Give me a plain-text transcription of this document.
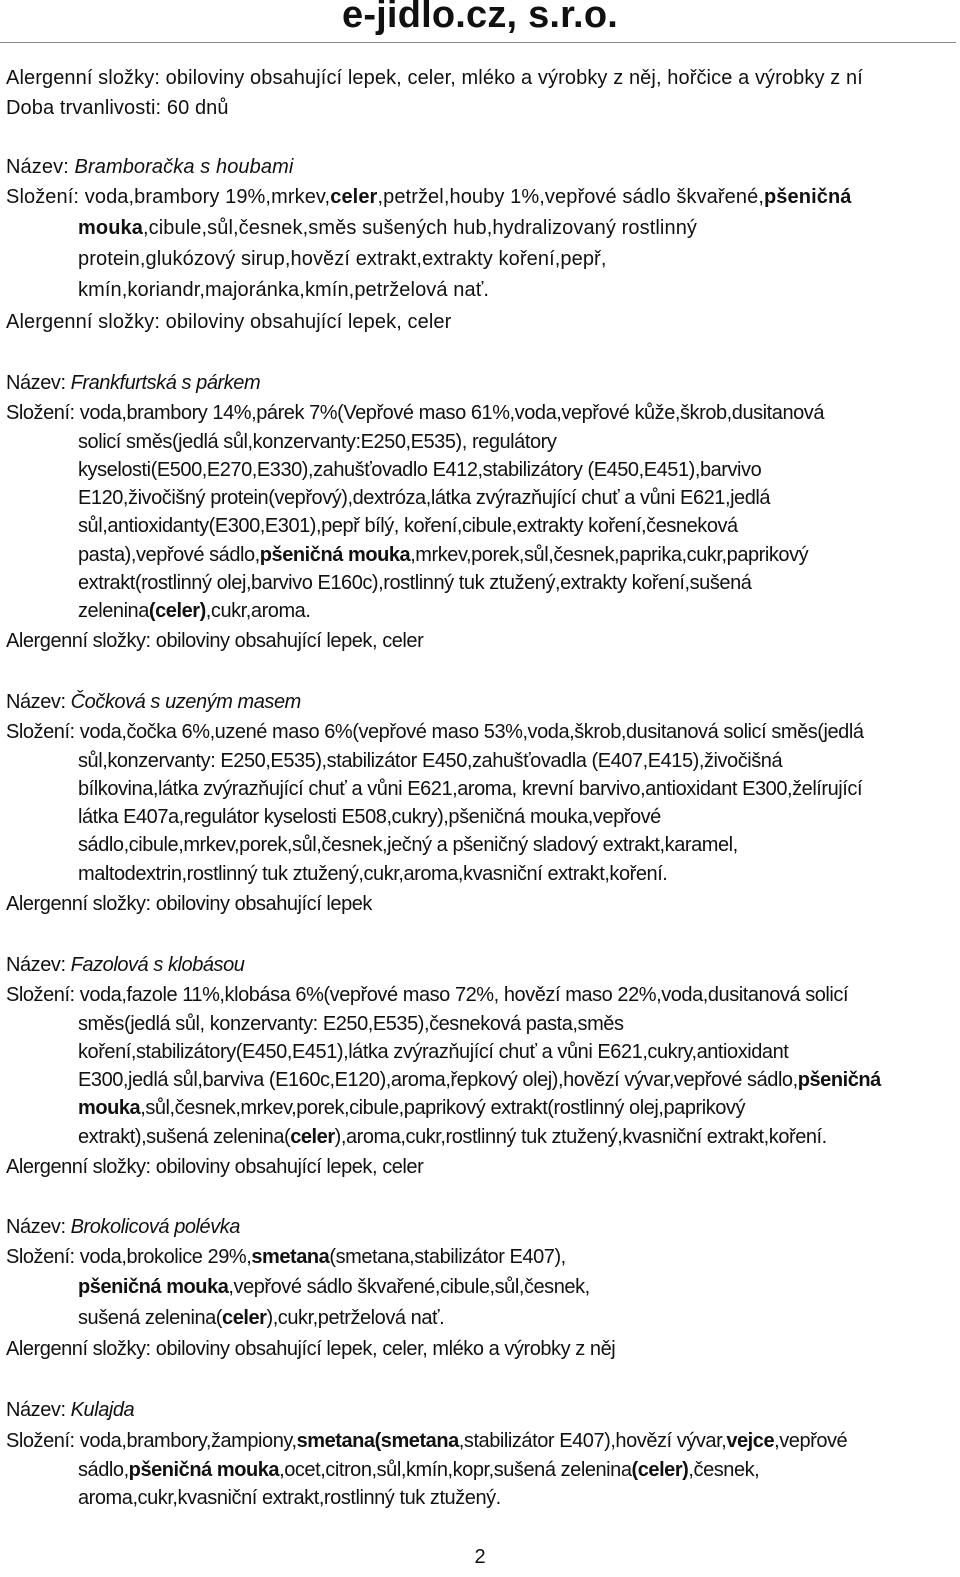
e-jidlo.cz, s.r.o.
Alergenní složky: obiloviny obsahující lepek, celer, mléko a výrobky z něj, hořčice a výrobky z ní
Doba trvanlivosti: 60 dnů
Název: Bramboračka s houbami
Složení: voda,brambory 19%,mrkev,celer,petržel,houby 1%,vepřové sádlo škvařené,pšeničná
mouka,cibule,sůl,česnek,směs sušených hub,hydralizovaný rostlinný
protein,glukózový sirup,hovězí extrakt,extrakty koření,pepř,
kmín,koriandr,majoránka,kmín,petrželová nať.
Alergenní složky: obiloviny obsahující lepek, celer
Název: Frankfurtská s párkem
Složení: voda,brambory 14%,párek 7%(Vepřové maso 61%,voda,vepřové kůže,škrob,dusitanová
solicí směs(jedlá sůl,konzervanty:E250,E535), regulátory
kyselosti(E500,E270,E330),zahušťovadlo E412,stabilizátory (E450,E451),barvivo
E120,živočišný protein(vepřový),dextróza,látka zvýrazňující chuť a vůni E621,jedlá
sůl,antioxidanty(E300,E301),pepř bílý, koření,cibule,extrakty koření,česneková
pasta),vepřové sádlo,pšeničná mouka,mrkev,porek,sůl,česnek,paprika,cukr,paprikový
extrakt(rostlinný olej,barvivo E160c),rostlinný tuk ztužený,extrakty koření,sušená
zelenina(celer),cukr,aroma.
Alergenní složky: obiloviny obsahující lepek, celer
Název: Čočková s uzeným masem
Složení: voda,čočka 6%,uzené maso 6%(vepřové maso 53%,voda,škrob,dusitanová solicí směs(jedlá
sůl,konzervanty: E250,E535),stabilizátor E450,zahušťovadla (E407,E415),živočišná
bílkovina,látka zvýrazňující chuť a vůni E621,aroma, krevní barvivo,antioxidant E300,želírující
látka E407a,regulátor kyselosti E508,cukry),pšeničná mouka,vepřové
sádlo,cibule,mrkev,porek,sůl,česnek,ječný a pšeničný sladový extrakt,karamel,
maltodextrin,rostlinný tuk ztužený,cukr,aroma,kvasniční extrakt,koření.
Alergenní složky: obiloviny obsahující lepek
Název: Fazolová s klobásou
Složení: voda,fazole 11%,klobása 6%(vepřové maso 72%, hovězí maso 22%,voda,dusitanová solicí
směs(jedlá sůl, konzervanty: E250,E535),česneková pasta,směs
koření,stabilizátory(E450,E451),látka zvýrazňující chuť a vůni E621,cukry,antioxidant
E300,jedlá sůl,barviva (E160c,E120),aroma,řepkový olej),hovězí vývar,vepřové sádlo,pšeničná
mouka,sůl,česnek,mrkev,porek,cibule,paprikový extrakt(rostlinný olej,paprikový
extrakt),sušená zelenina(celer),aroma,cukr,rostlinný tuk ztužený,kvasniční extrakt,koření.
Alergenní složky: obiloviny obsahující lepek, celer
Název: Brokolicová polévka
Složení: voda,brokolice 29%,smetana(smetana,stabilizátor E407),
pšeničná mouka,vepřové sádlo škvařené,cibule,sůl,česnek,
sušená zelenina(celer),cukr,petrželová nať.
Alergenní složky: obiloviny obsahující lepek, celer, mléko a výrobky z něj
Název: Kulajda
Složení: voda,brambory,žampiony,smetana(smetana,stabilizátor E407),hovězí vývar,vejce,vepřové
sádlo,pšeničná mouka,ocet,citron,sůl,kmín,kopr,sušená zelenina(celer),česnek,
aroma,cukr,kvasniční extrakt,rostlinný tuk ztužený.
2
